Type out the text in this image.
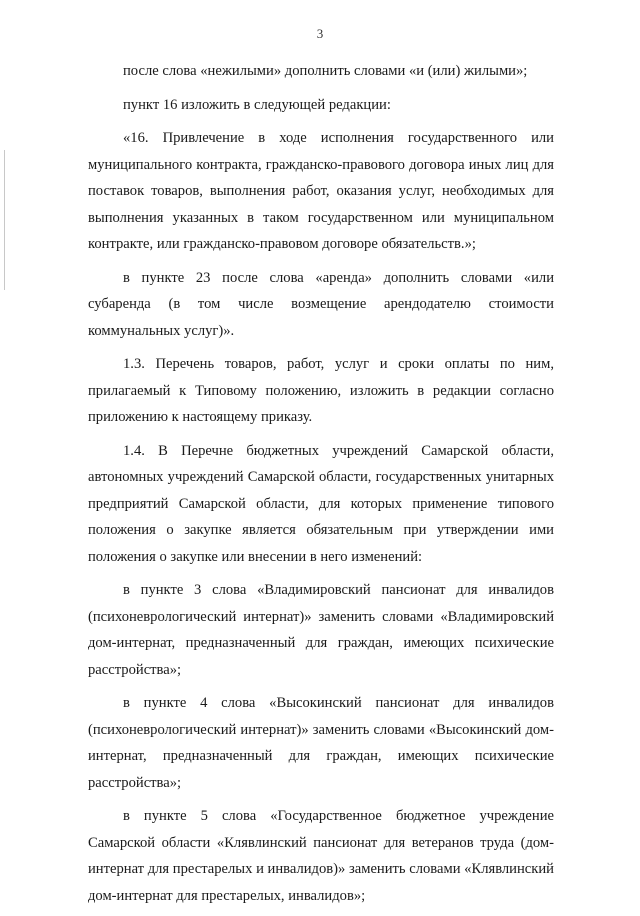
3

после слова «нежилыми» дополнить словами «и (или) жилыми»;

пункт 16 изложить в следующей редакции:

«16. Привлечение в ходе исполнения государственного или муниципального контракта, гражданско-правового договора иных лиц для поставок товаров, выполнения работ, оказания услуг, необходимых для выполнения указанных в таком государственном или муниципальном контракте, или гражданско-правовом договоре обязательств.»;

в пункте 23 после слова «аренда» дополнить словами «или субаренда (в том числе возмещение арендодателю стоимости коммунальных услуг)».

1.3. Перечень товаров, работ, услуг и сроки оплаты по ним, прилагаемый к Типовому положению, изложить в редакции согласно приложению к настоящему приказу.

1.4. В Перечне бюджетных учреждений Самарской области, автономных учреждений Самарской области, государственных унитарных предприятий Самарской области, для которых применение типового положения о закупке является обязательным при утверждении ими положения о закупке или внесении в него изменений:

в пункте 3 слова «Владимировский пансионат для инвалидов (психоневрологический интернат)» заменить словами «Владимировский дом-интернат, предназначенный для граждан, имеющих психические расстройства»;

в пункте 4 слова «Высокинский пансионат для инвалидов (психоневрологический интернат)» заменить словами «Высокинский дом-интернат, предназначенный для граждан, имеющих психические расстройства»;

в пункте 5 слова «Государственное бюджетное учреждение Самарской области «Клявлинский пансионат для ветеранов труда (дом-интернат для престарелых и инвалидов)» заменить словами «Клявлинский дом-интернат для престарелых, инвалидов»;
